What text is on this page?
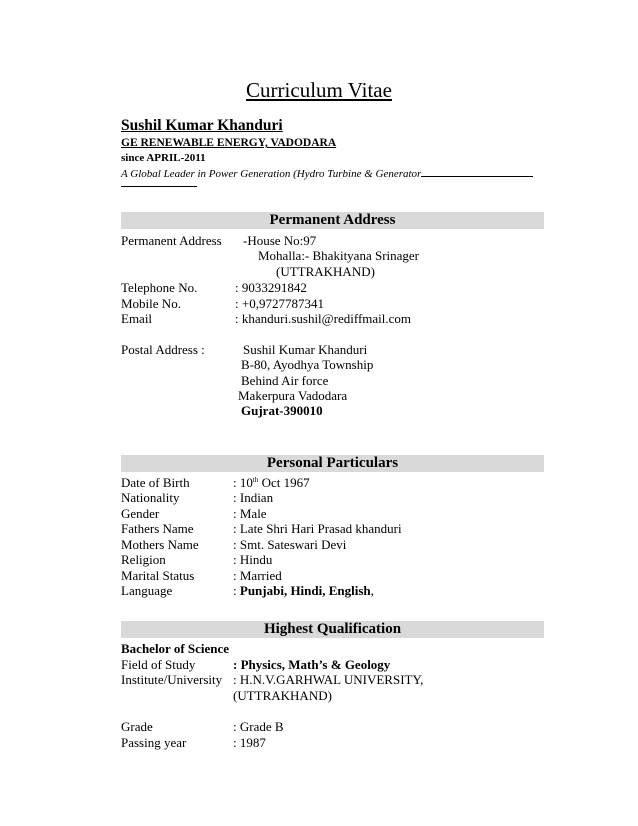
Curriculum Vitae
Sushil Kumar Khanduri
GE RENEWABLE ENERGY, VADODARA
since APRIL-2011
A Global Leader in Power Generation (Hydro Turbine & Generator
Permanent Address
Permanent Address -House No:97
Mohalla:- Bhakityana Srinager
(UTTRAKHAND)
Telephone No.	: 9033291842
Mobile No.	: +0,9727787341
Email	: khanduri.sushil@rediffmail.com
Postal Address :	Sushil Kumar Khanduri
B-80, Ayodhya Township
Behind Air force
Makerpura Vadodara
Gujrat-390010
Personal Particulars
Date of Birth	: 10th Oct 1967
Nationality	: Indian
Gender	: Male
Fathers Name	: Late Shri Hari Prasad khanduri
Mothers Name	: Smt. Sateswari Devi
Religion	: Hindu
Marital Status	: Married
Language	: Punjabi, Hindi, English,
Highest Qualification
Bachelor of Science
Field of Study	: Physics, Math’s & Geology
Institute/University : H.N.V.GARHWAL UNIVERSITY,
(UTTRAKHAND)
Grade	: Grade B
Passing year	: 1987
